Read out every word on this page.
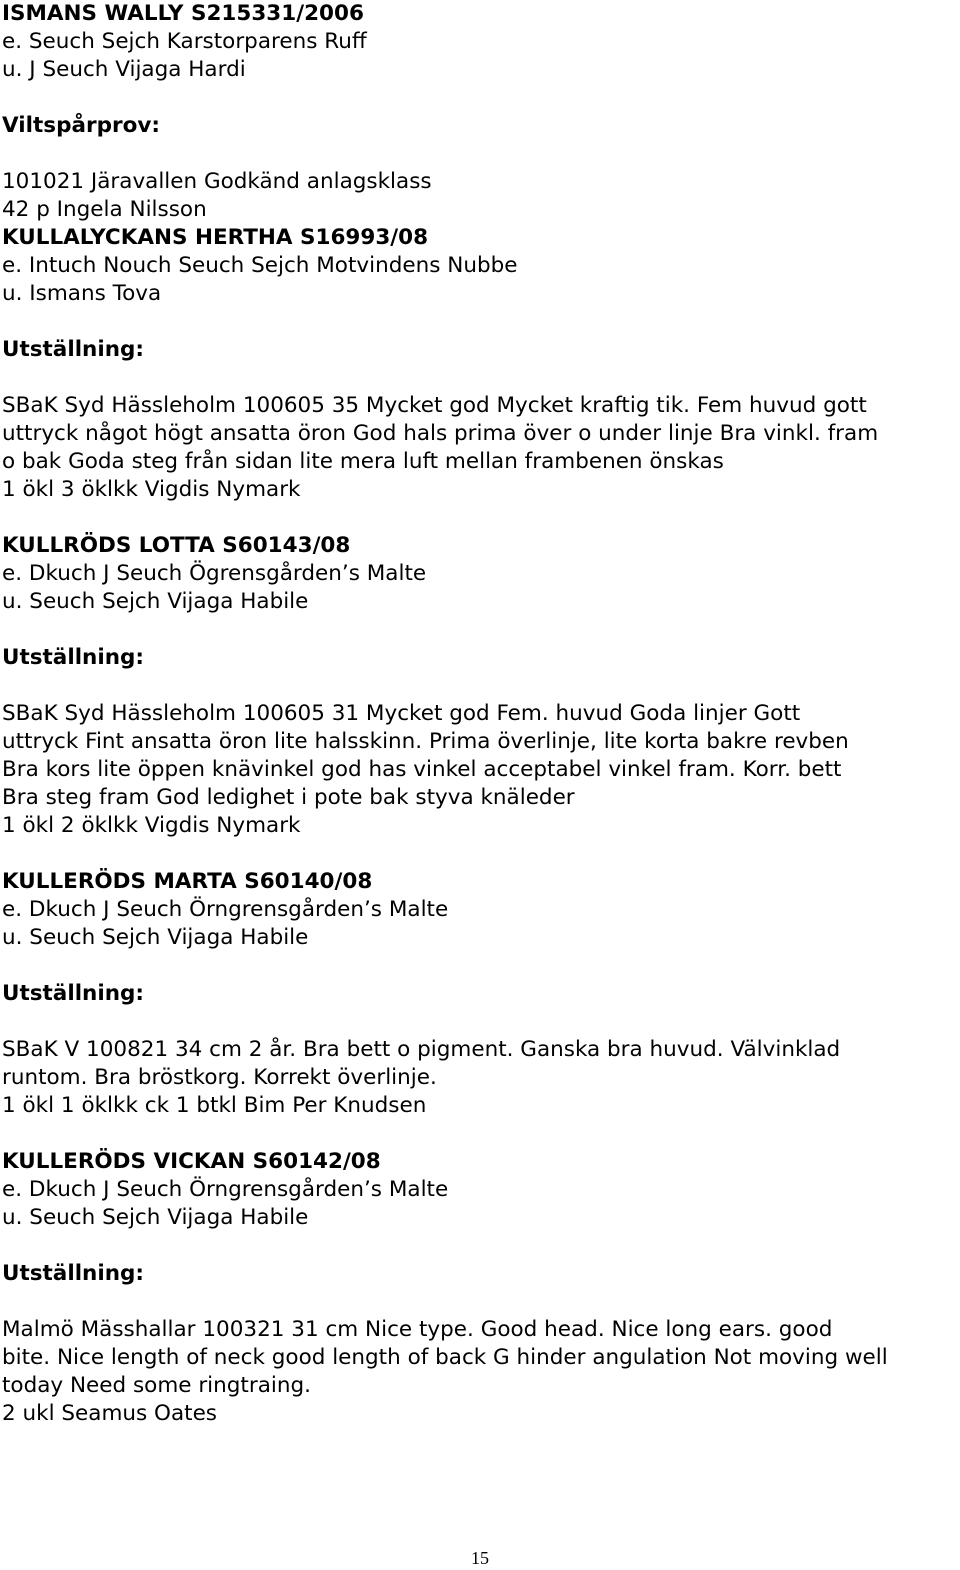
ISMANS WALLY S215331/2006
e. Seuch Sejch Karstorparens Ruff
u. J Seuch Vijaga Hardi
Viltspårprov:
101021 Järavallen Godkänd anlagsklass
42 p Ingela Nilsson
KULLALYCKANS HERTHA S16993/08
e. Intuch Nouch Seuch Sejch Motvindens Nubbe
u. Ismans Tova
Utställning:
SBaK Syd Hässleholm 100605 35 Mycket god Mycket kraftig tik. Fem huvud gott
uttryck något högt ansatta öron God hals prima över o under linje Bra vinkl. fram
o bak Goda steg från sidan lite mera luft mellan frambenen önskas
1 ökl 3 öklkk Vigdis Nymark
KULLRÖDS LOTTA S60143/08
e. Dkuch J Seuch Ögrensgården’s Malte
u. Seuch Sejch Vijaga Habile
Utställning:
SBaK Syd Hässleholm 100605 31 Mycket god Fem. huvud Goda linjer Gott
uttryck Fint ansatta öron lite halsskinn. Prima överlinje, lite korta bakre revben
Bra kors lite öppen knävinkel god has vinkel acceptabel vinkel fram. Korr. bett
Bra steg fram God ledighet i pote bak styva knäleder
1 ökl 2 öklkk Vigdis Nymark
KULLERÖDS MARTA S60140/08
e. Dkuch J Seuch Örngrensgården’s Malte
u. Seuch Sejch Vijaga Habile
Utställning:
SBaK V 100821 34 cm 2 år. Bra bett o pigment. Ganska bra huvud. Välvinklad
runtom. Bra bröstkorg. Korrekt överlinje.
1 ökl 1 öklkk ck 1 btkl Bim Per Knudsen
KULLERÖDS VICKAN S60142/08
e. Dkuch J Seuch Örngrensgården’s Malte
u. Seuch Sejch Vijaga Habile
Utställning:
Malmö Mässhallar 100321 31 cm Nice type. Good head. Nice long ears. good
bite. Nice length of neck good length of back G hinder angulation Not moving well
today Need some ringtraing.
2 ukl Seamus Oates
15
